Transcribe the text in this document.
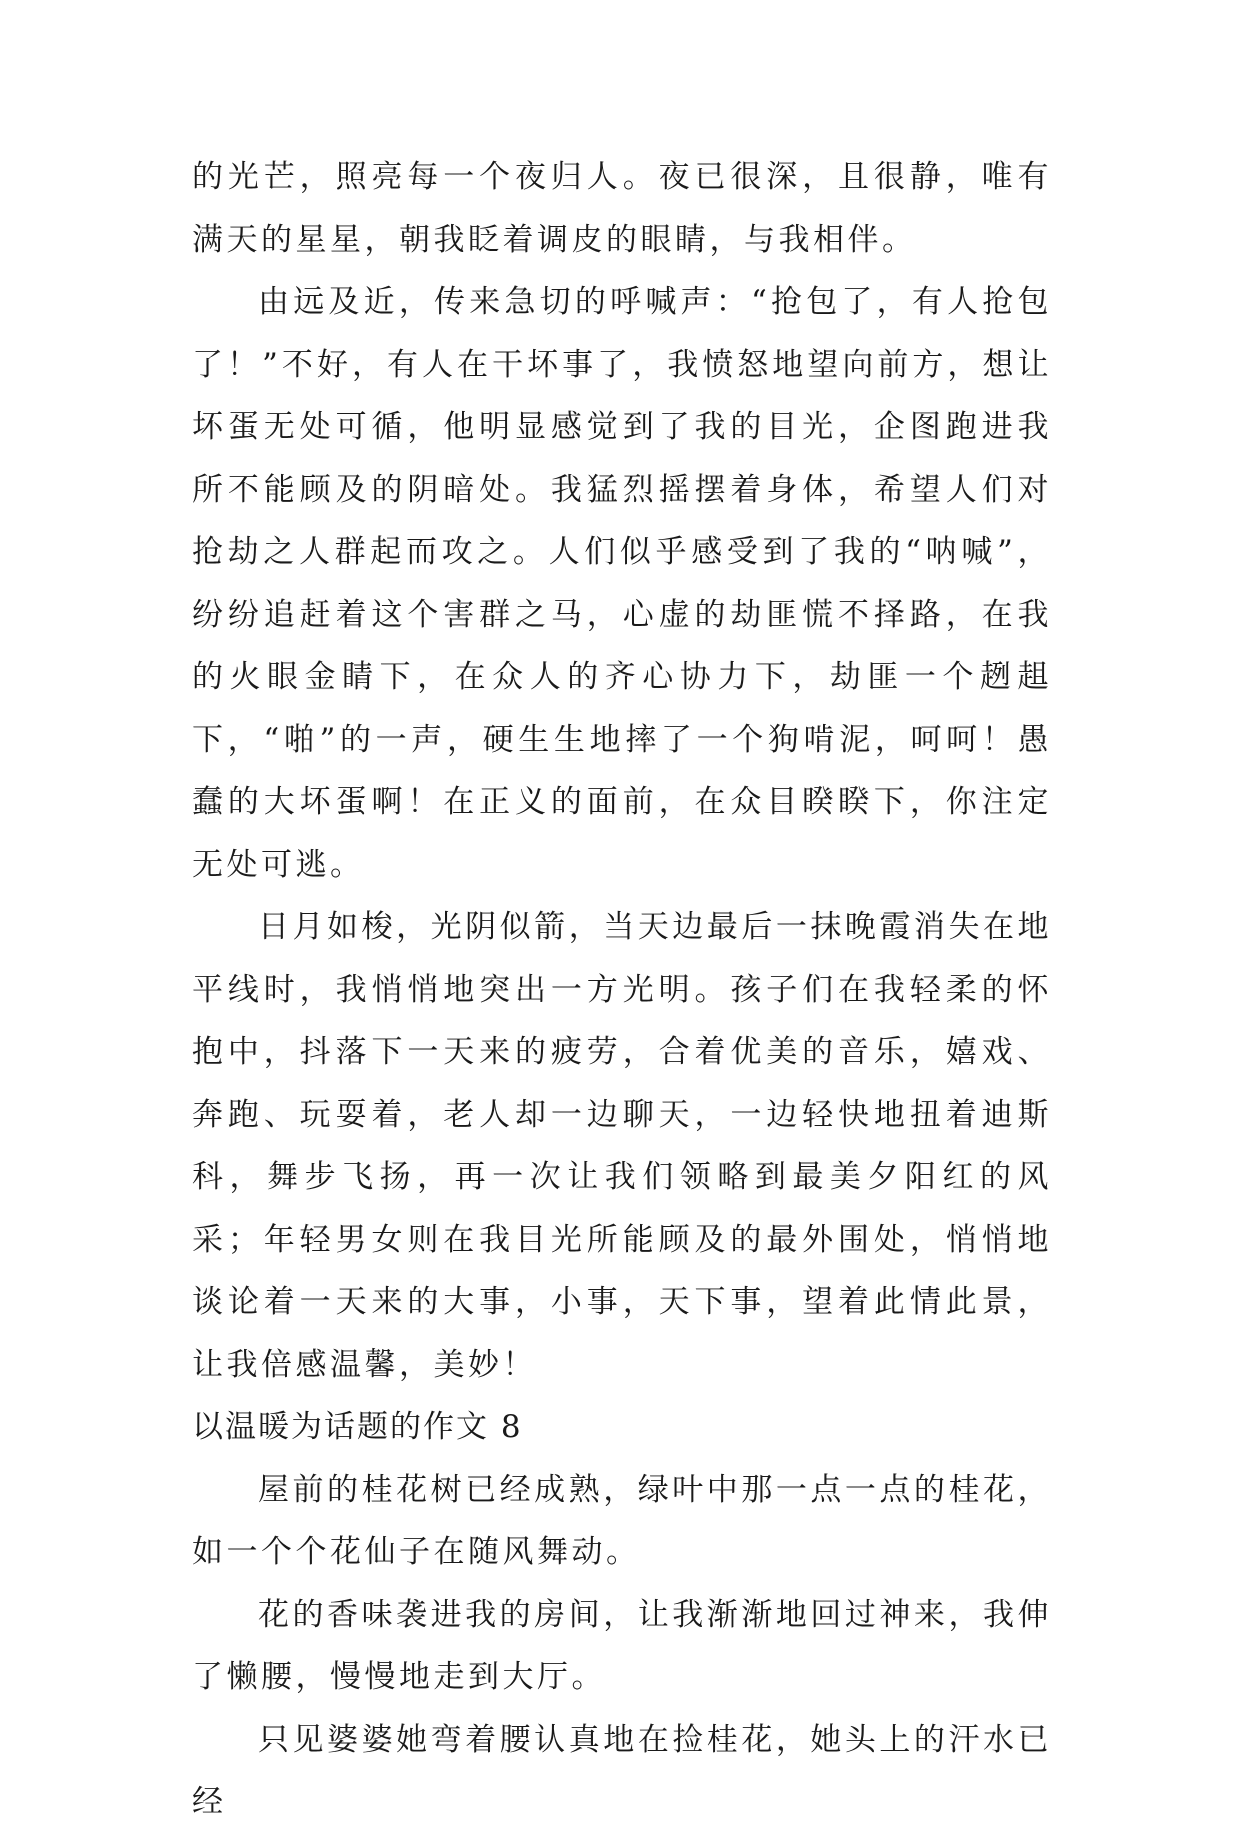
的光芒，照亮每一个夜归人。夜已很深，且很静，唯有满天的星星，朝我眨着调皮的眼睛，与我相伴。

由远及近，传来急切的呼喊声：“抢包了，有人抢包了！”不好，有人在干坏事了，我愤怒地望向前方，想让坏蛋无处可循，他明显感觉到了我的目光，企图跑进我所不能顾及的阴暗处。我猛烈摇摆着身体，希望人们对抢劫之人群起而攻之。人们似乎感受到了我的“呐喊”，纷纷追赶着这个害群之马，心虚的劫匪慌不择路，在我的火眼金睛下，在众人的齐心协力下，劫匪一个趔趄下，“啪”的一声，硬生生地摔了一个狗啃泥，呵呵！愚蠢的大坏蛋啊！在正义的面前，在众目睽睽下，你注定无处可逃。

日月如梭，光阴似箭，当天边最后一抹晚霞消失在地平线时，我悄悄地突出一方光明。孩子们在我轻柔的怀抱中，抖落下一天来的疲劳，合着优美的音乐，嬉戏、奔跑、玩耍着，老人却一边聊天，一边轻快地扭着迪斯科，舞步飞扬，再一次让我们领略到最美夕阳红的风采；年轻男女则在我目光所能顾及的最外围处，悄悄地谈论着一天来的大事，小事，天下事，望着此情此景，让我倍感温馨，美妙！

以温暖为话题的作文 8

屋前的桂花树已经成熟，绿叶中那一点一点的桂花，如一个个花仙子在随风舞动。

花的香味袭进我的房间，让我渐渐地回过神来，我伸了懒腰，慢慢地走到大厅。

只见婆婆她弯着腰认真地在捡桂花，她头上的汗水已经
